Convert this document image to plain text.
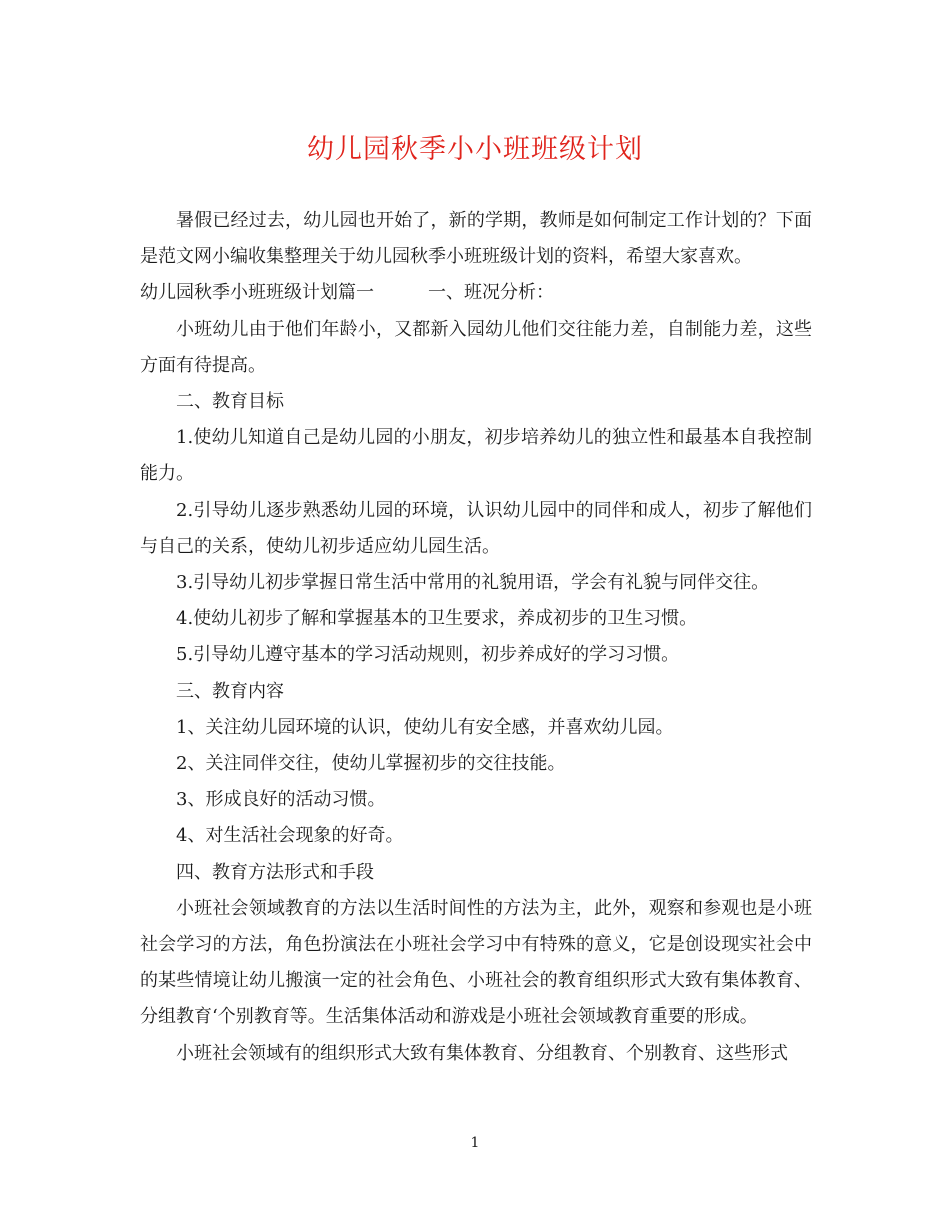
幼儿园秋季小小班班级计划

暑假已经过去，幼儿园也开始了，新的学期，教师是如何制定工作计划的？下面是范文网小编收集整理关于幼儿园秋季小班班级计划的资料，希望大家喜欢。

幼儿园秋季小班班级计划篇一	一、班况分析：

小班幼儿由于他们年龄小，又都新入园幼儿他们交往能力差，自制能力差，这些方面有待提高。

二、教育目标

1.使幼儿知道自己是幼儿园的小朋友，初步培养幼儿的独立性和最基本自我控制能力。

2.引导幼儿逐步熟悉幼儿园的环境，认识幼儿园中的同伴和成人，初步了解他们与自己的关系，使幼儿初步适应幼儿园生活。

3.引导幼儿初步掌握日常生活中常用的礼貌用语，学会有礼貌与同伴交往。

4.使幼儿初步了解和掌握基本的卫生要求，养成初步的卫生习惯。

5.引导幼儿遵守基本的学习活动规则，初步养成好的学习习惯。

三、教育内容

1、关注幼儿园环境的认识，使幼儿有安全感，并喜欢幼儿园。

2、关注同伴交往，使幼儿掌握初步的交往技能。

3、形成良好的活动习惯。

4、对生活社会现象的好奇。

四、教育方法形式和手段

小班社会领域教育的方法以生活时间性的方法为主，此外，观察和参观也是小班社会学习的方法，角色扮演法在小班社会学习中有特殊的意义，它是创设现实社会中的某些情境让幼儿搬演一定的社会角色、小班社会的教育组织形式大致有集体教育、分组教育‘个别教育等。生活集体活动和游戏是小班社会领域教育重要的形成。

小班社会领域有的组织形式大致有集体教育、分组教育、个别教育、这些形式

1
